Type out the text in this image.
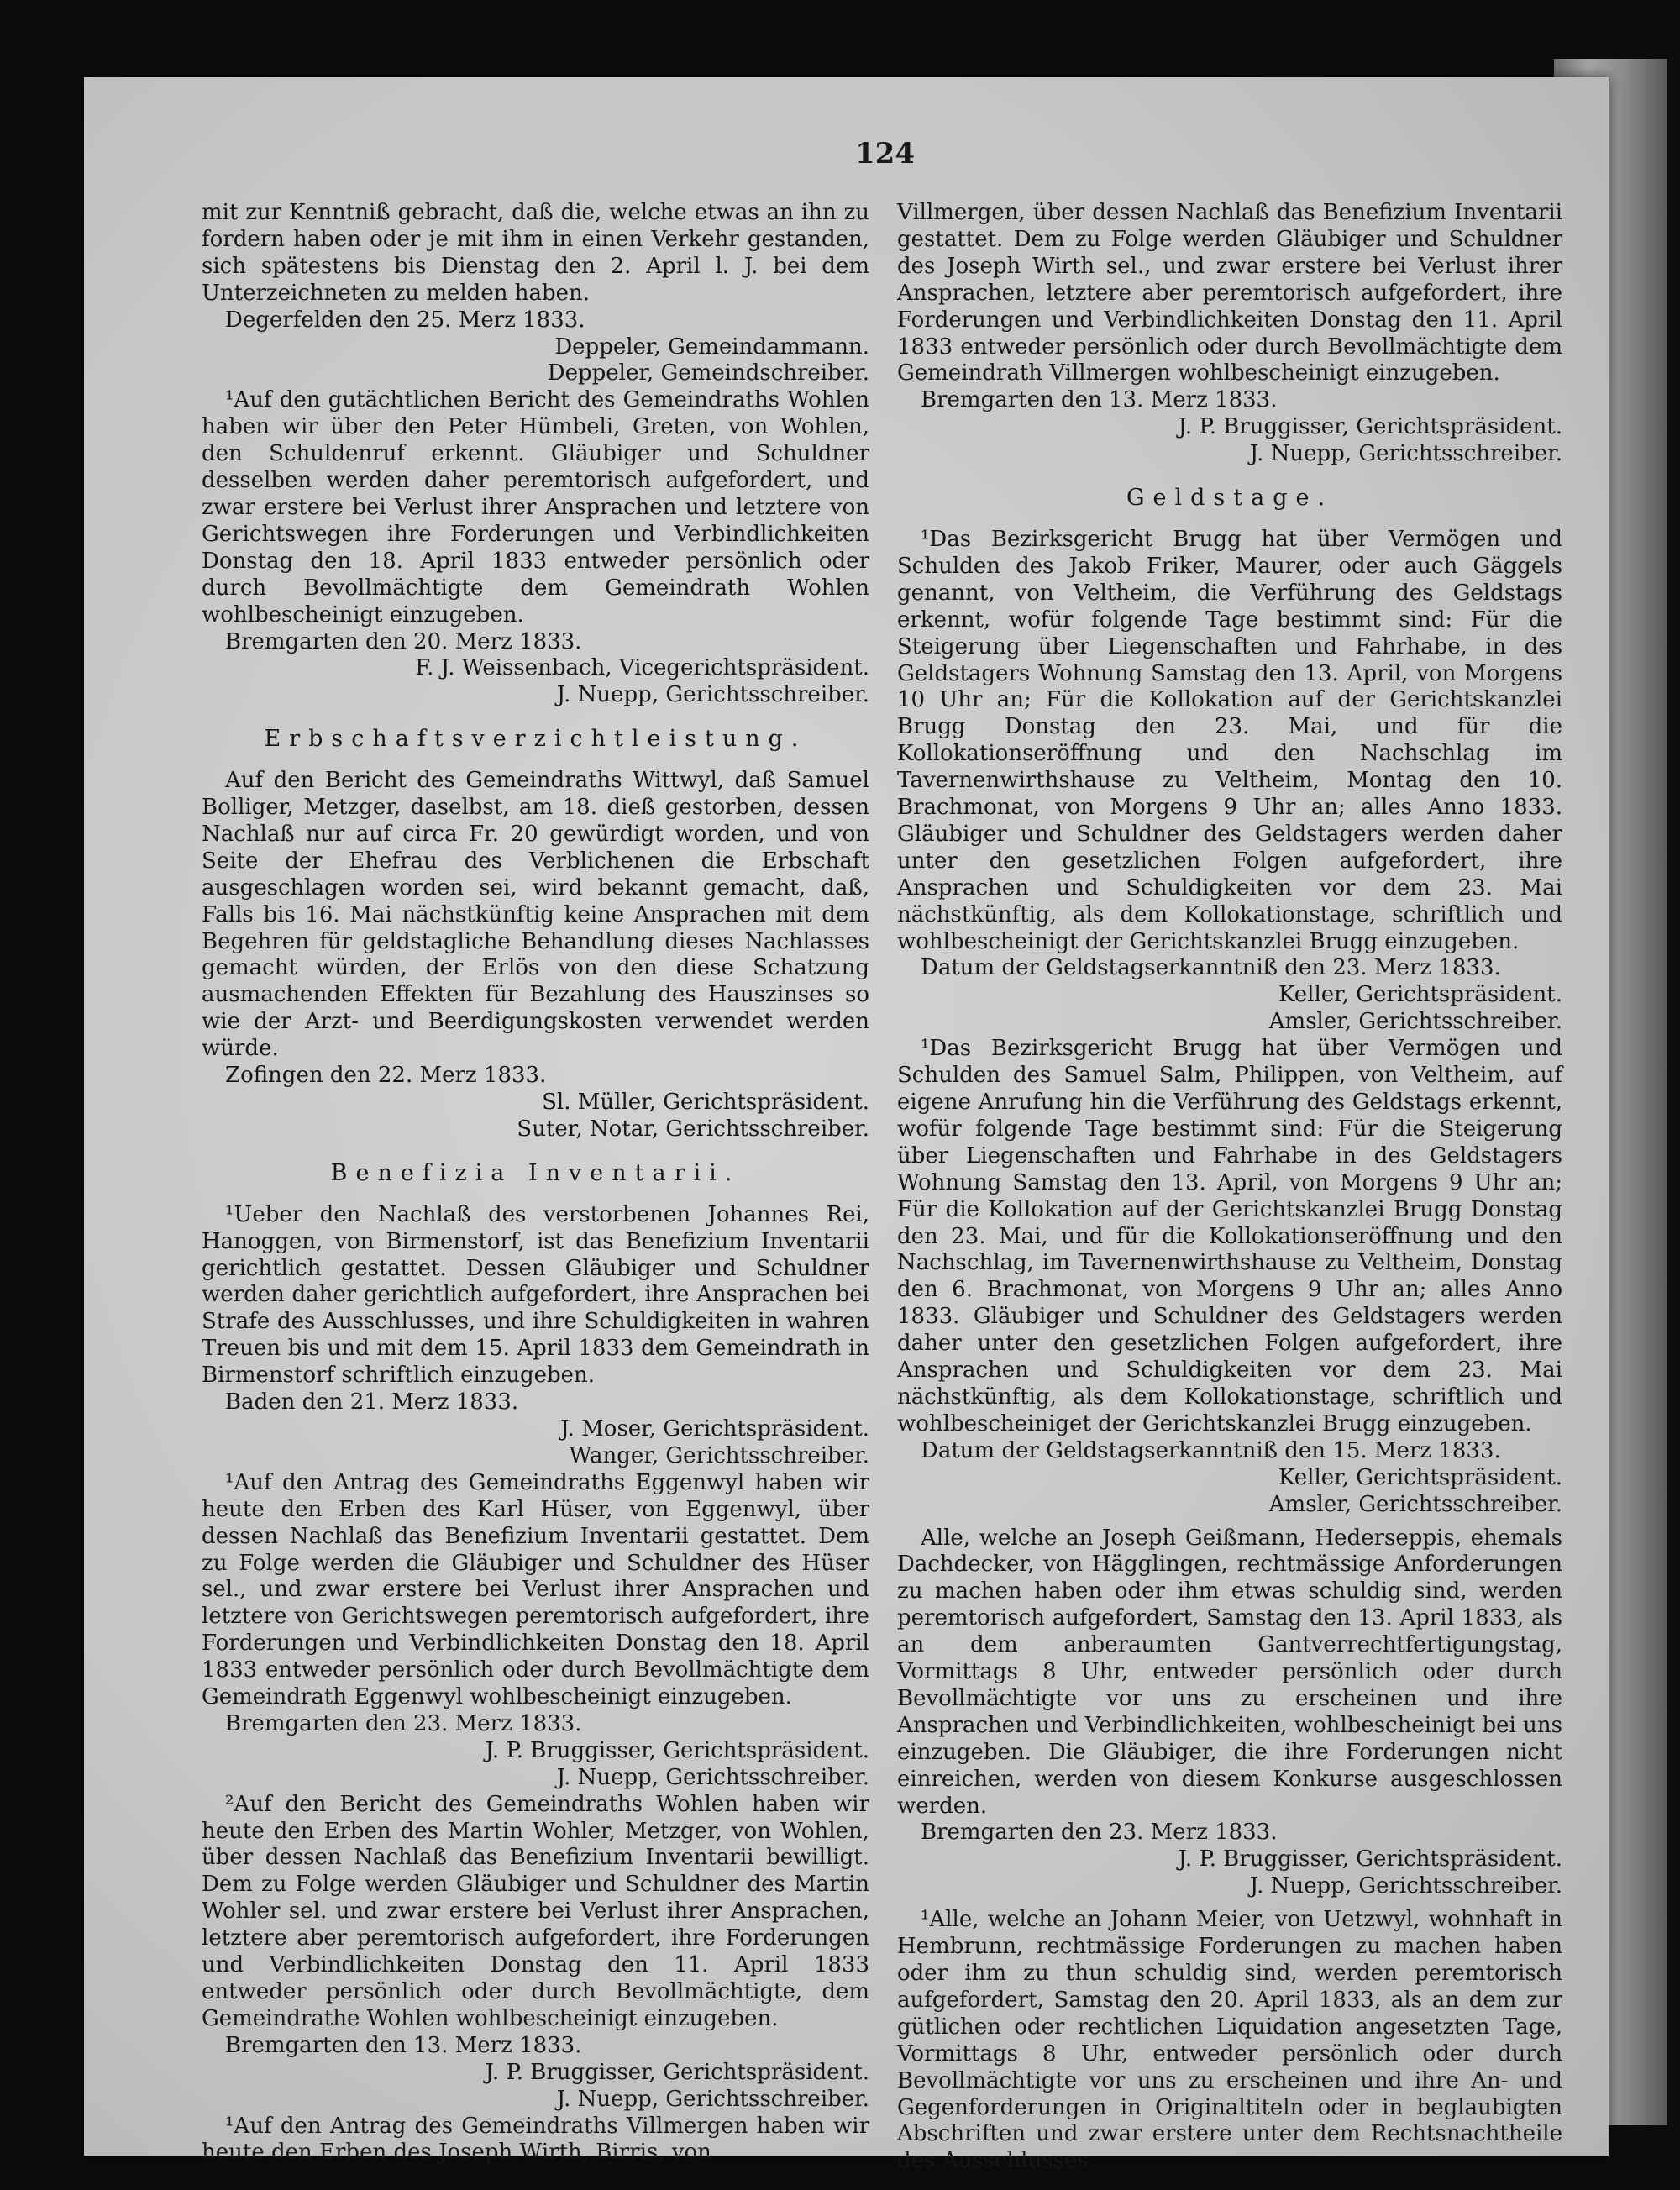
124

mit zur Kenntniß gebracht, daß die, welche etwas an ihn zu fordern haben oder je mit ihm in einen Verkehr gestanden, sich spätestens bis Dienstag den 2. April l. J. bei dem Unterzeichneten zu melden haben.

Degerfelden den 25. Merz 1833.
Deppeler, Gemeindammann.
Deppeler, Gemeindschreiber.

¹Auf den gutächtlichen Bericht des Gemeindraths Wohlen haben wir über den Peter Hümbeli, Greten, von Wohlen, den Schuldenruf erkennt. Gläubiger und Schuldner desselben werden daher peremtorisch aufgefordert, und zwar erstere bei Verlust ihrer Ansprachen und letztere von Gerichtswegen ihre Forderungen und Verbindlichkeiten Donstag den 18. April 1833 entweder persönlich oder durch Bevollmächtigte dem Gemeindrath Wohlen wohlbescheinigt einzugeben.

Bremgarten den 20. Merz 1833.
F. J. Weissenbach, Vicegerichtspräsident.
J. Nuepp, Gerichtsschreiber.
Erbschaftsverzichtleistung.

Auf den Bericht des Gemeindraths Wittwyl, daß Samuel Bolliger, Metzger, daselbst, am 18. dieß gestorben, dessen Nachlaß nur auf circa Fr. 20 gewürdigt worden, und von Seite der Ehefrau des Verblichenen die Erbschaft ausgeschlagen worden sei, wird bekannt gemacht, daß, Falls bis 16. Mai nächstkünftig keine Ansprachen mit dem Begehren für geldstagliche Behandlung dieses Nachlasses gemacht würden, der Erlös von den diese Schatzung ausmachenden Effekten für Bezahlung des Hauszinses so wie der Arzt- und Beerdigungskosten verwendet werden würde.

Zofingen den 22. Merz 1833.
Sl. Müller, Gerichtspräsident.
Suter, Notar, Gerichtsschreiber.
Benefizia Inventarii.

¹Ueber den Nachlaß des verstorbenen Johannes Rei, Hanoggen, von Birmenstorf, ist das Benefizium Inventarii gerichtlich gestattet. Dessen Gläubiger und Schuldner werden daher gerichtlich aufgefordert, ihre Ansprachen bei Strafe des Ausschlusses, und ihre Schuldigkeiten in wahren Treuen bis und mit dem 15. April 1833 dem Gemeindrath in Birmenstorf schriftlich einzugeben.

Baden den 21. Merz 1833.
J. Moser, Gerichtspräsident.
Wanger, Gerichtsschreiber.

¹Auf den Antrag des Gemeindraths Eggenwyl haben wir heute den Erben des Karl Hüser, von Eggenwyl, über dessen Nachlaß das Benefizium Inventarii gestattet. Dem zu Folge werden die Gläubiger und Schuldner des Hüser sel., und zwar erstere bei Verlust ihrer Ansprachen und letztere von Gerichtswegen peremtorisch aufgefordert, ihre Forderungen und Verbindlichkeiten Donstag den 18. April 1833 entweder persönlich oder durch Bevollmächtigte dem Gemeindrath Eggenwyl wohlbescheinigt einzugeben.

Bremgarten den 23. Merz 1833.
J. P. Bruggisser, Gerichtspräsident.
J. Nuepp, Gerichtsschreiber.

²Auf den Bericht des Gemeindraths Wohlen haben wir heute den Erben des Martin Wohler, Metzger, von Wohlen, über dessen Nachlaß das Benefizium Inventarii bewilligt. Dem zu Folge werden Gläubiger und Schuldner des Martin Wohler sel. und zwar erstere bei Verlust ihrer Ansprachen, letztere aber peremtorisch aufgefordert, ihre Forderungen und Verbindlichkeiten Donstag den 11. April 1833 entweder persönlich oder durch Bevollmächtigte, dem Gemeindrathe Wohlen wohlbescheinigt einzugeben.

Bremgarten den 13. Merz 1833.
J. P. Bruggisser, Gerichtspräsident.
J. Nuepp, Gerichtsschreiber.

¹Auf den Antrag des Gemeindraths Villmergen haben wir heute den Erben des Joseph Wirth, Birris, von

Villmergen, über dessen Nachlaß das Benefizium Inventarii gestattet. Dem zu Folge werden Gläubiger und Schuldner des Joseph Wirth sel., und zwar erstere bei Verlust ihrer Ansprachen, letztere aber peremtorisch aufgefordert, ihre Forderungen und Verbindlichkeiten Donstag den 11. April 1833 entweder persönlich oder durch Bevollmächtigte dem Gemeindrath Villmergen wohlbescheinigt einzugeben.

Bremgarten den 13. Merz 1833.
J. P. Bruggisser, Gerichtspräsident.
J. Nuepp, Gerichtsschreiber.
Geldstage.

¹Das Bezirksgericht Brugg hat über Vermögen und Schulden des Jakob Friker, Maurer, oder auch Gäggels genannt, von Veltheim, die Verführung des Geldstags erkennt, wofür folgende Tage bestimmt sind: Für die Steigerung über Liegenschaften und Fahrhabe, in des Geldstagers Wohnung Samstag den 13. April, von Morgens 10 Uhr an; Für die Kollokation auf der Gerichtskanzlei Brugg Donstag den 23. Mai, und für die Kollokationseröffnung und den Nachschlag im Tavernenwirthshause zu Veltheim, Montag den 10. Brachmonat, von Morgens 9 Uhr an; alles Anno 1833. Gläubiger und Schuldner des Geldstagers werden daher unter den gesetzlichen Folgen aufgefordert, ihre Ansprachen und Schuldigkeiten vor dem 23. Mai nächstkünftig, als dem Kollokationstage, schriftlich und wohlbescheinigt der Gerichtskanzlei Brugg einzugeben.

Datum der Geldstagserkanntniß den 23. Merz 1833.
Keller, Gerichtspräsident.
Amsler, Gerichtsschreiber.

¹Das Bezirksgericht Brugg hat über Vermögen und Schulden des Samuel Salm, Philippen, von Veltheim, auf eigene Anrufung hin die Verführung des Geldstags erkennt, wofür folgende Tage bestimmt sind: Für die Steigerung über Liegenschaften und Fahrhabe in des Geldstagers Wohnung Samstag den 13. April, von Morgens 9 Uhr an; Für die Kollokation auf der Gerichtskanzlei Brugg Donstag den 23. Mai, und für die Kollokationseröffnung und den Nachschlag, im Tavernenwirthshause zu Veltheim, Donstag den 6. Brachmonat, von Morgens 9 Uhr an; alles Anno 1833. Gläubiger und Schuldner des Geldstagers werden daher unter den gesetzlichen Folgen aufgefordert, ihre Ansprachen und Schuldigkeiten vor dem 23. Mai nächstkünftig, als dem Kollokationstage, schriftlich und wohlbescheiniget der Gerichtskanzlei Brugg einzugeben.

Datum der Geldstagserkanntniß den 15. Merz 1833.
Keller, Gerichtspräsident.
Amsler, Gerichtsschreiber.

Alle, welche an Joseph Geißmann, Hederseppis, ehemals Dachdecker, von Hägglingen, rechtmässige Anforderungen zu machen haben oder ihm etwas schuldig sind, werden peremtorisch aufgefordert, Samstag den 13. April 1833, als an dem anberaumten Gantverrechtfertigungstag, Vormittags 8 Uhr, entweder persönlich oder durch Bevollmächtigte vor uns zu erscheinen und ihre Ansprachen und Verbindlichkeiten, wohlbescheinigt bei uns einzugeben. Die Gläubiger, die ihre Forderungen nicht einreichen, werden von diesem Konkurse ausgeschlossen werden.

Bremgarten den 23. Merz 1833.
J. P. Bruggisser, Gerichtspräsident.
J. Nuepp, Gerichtsschreiber.

¹Alle, welche an Johann Meier, von Uetzwyl, wohnhaft in Hembrunn, rechtmässige Forderungen zu machen haben oder ihm zu thun schuldig sind, werden peremtorisch aufgefordert, Samstag den 20. April 1833, als an dem zur gütlichen oder rechtlichen Liquidation angesetzten Tage, Vormittags 8 Uhr, entweder persönlich oder durch Bevollmächtigte vor uns zu erscheinen und ihre An- und Gegenforderungen in Originaltiteln oder in beglaubigten Abschriften und zwar erstere unter dem Rechtsnachtheile des Ausschlusses
